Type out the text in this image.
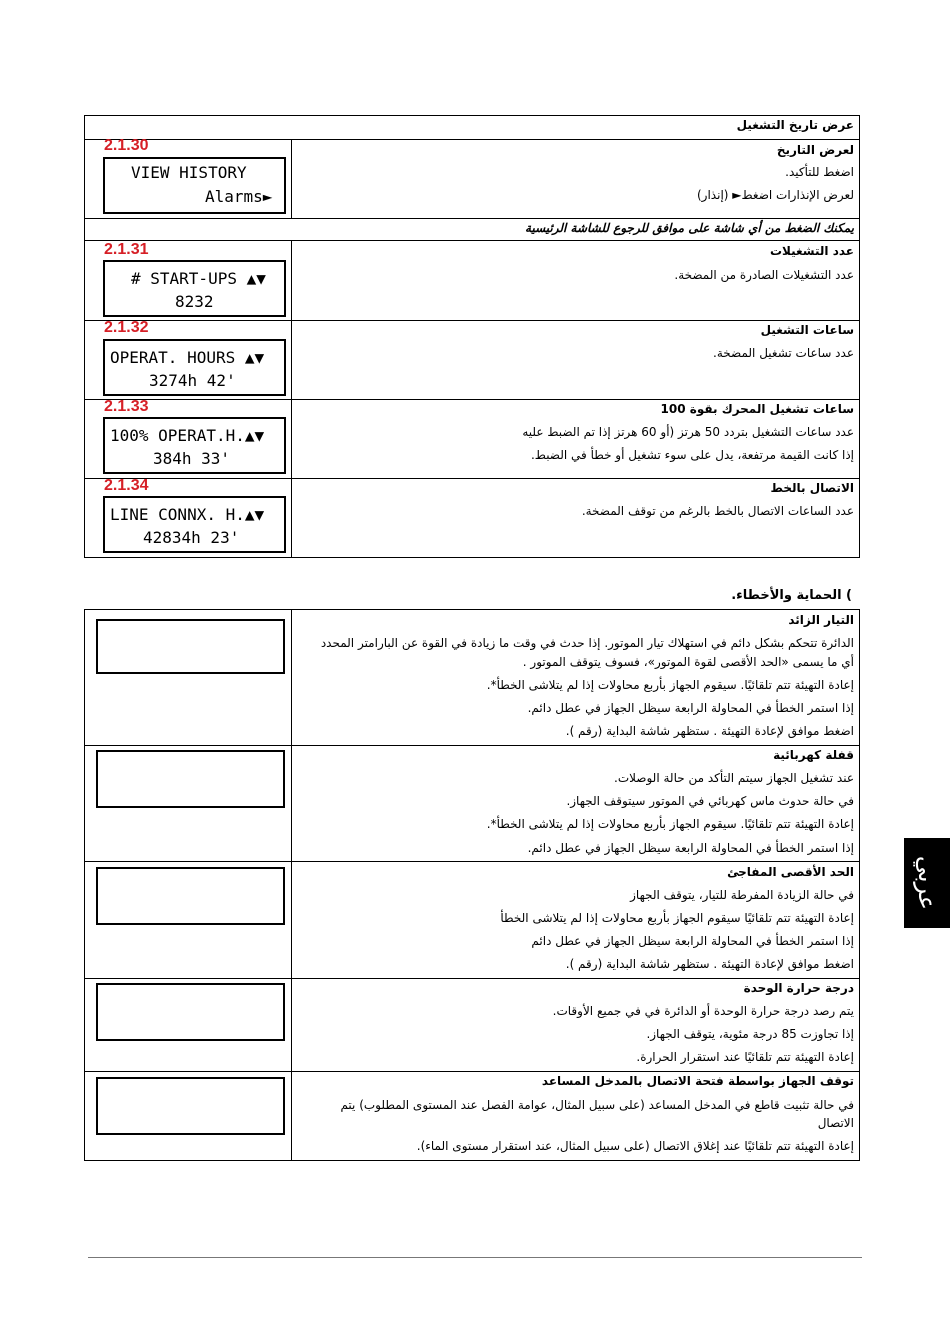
عرض تاريخ التشغيل
يمكنك الضغط من أي شاشة على موافق للرجوع للشاشة الرئيسية
2.1.30
VIEW HISTORY
Alarms►
لعرض التاريخ
اضغط للتأكيد.
لعرض الإنذارات اضغط► (إنذار)
2.1.31
# START-UPS ▲▼
8232
عدد التشغيلات
عدد التشغيلات الصادرة من المضخة.
2.1.32
OPERAT. HOURS ▲▼
3274h 42'
ساعات التشغيل
عدد ساعات تشغيل المضخة.
2.1.33
100% OPERAT.H.▲▼
384h 33'
ساعات تشغيل المحرك بقوة 100
عدد ساعات التشغيل بتردد 50 هرتز (أو 60 هرتز إذا تم الضبط عليه
إذا كانت القيمة مرتفعة، يدل على سوء تشغيل أو خطأ في الضبط.
2.1.34
LINE CONNX. H.▲▼
42834h 23'
الاتصال بالخط
عدد الساعات الاتصال بالخط بالرغم من توقف المضخة.
) الحماية والأخطاء.
التيار الزائد
الدائرة تتحكم بشكل دائم في استهلاك تيار الموتور. إذا حدث في وقت ما زيادة في القوة عن البارامتر المحدد
أي ما يسمى «الحد الأقصى لقوة الموتور»، فسوف يتوقف الموتور .
إعادة التهيئة تتم تلقائيًا. سيقوم الجهاز بأربع محاولات إذا لم يتلاشى الخطأ*.
إذا استمر الخطأ في المحاولة الرابعة سيظل الجهاز في عطل دائم.
اضغط موافق لإعادة التهيئة . ستظهر شاشة البداية (رقم ).
قفلة كهربائية
عند تشغيل الجهاز سيتم التأكد من حالة الوصلات.
في حالة حدوث ماس كهربائي في الموتور سيتوقف الجهاز.
إعادة التهيئة تتم تلقائيًا. سيقوم الجهاز بأربع محاولات إذا لم يتلاشى الخطأ*.
إذا استمر الخطأ في المحاولة الرابعة سيظل الجهاز في عطل دائم.
الحد الأقصى المفاجئ
في حالة الزيادة المفرطة للتيار، يتوقف الجهاز
إعادة التهيئة تتم تلقائيًا سيقوم الجهاز بأربع محاولات إذا لم يتلاشى الخطأ
إذا استمر الخطأ في المحاولة الرابعة سيظل الجهاز في عطل دائم
اضغط موافق لإعادة التهيئة . ستظهر شاشة البداية (رقم ).
درجة حرارة الوحدة
يتم رصد درجة حرارة الوحدة أو الدائرة في في جميع الأوقات.
إذا تجاوزت 85 درجة مئوية، يتوقف الجهاز.
إعادة التهيئة تتم تلقائيًا عند استقرار الحرارة.
توقف الجهاز بواسطة فتحة الاتصال بالمدخل المساعد
في حالة تثبيت قاطع في المدخل المساعد (على سبيل المثال، عوامة الفصل عند المستوى المطلوب) يتم
الاتصال
إعادة التهيئة تتم تلقائيًا عند إغلاق الاتصال (على سبيل المثال، عند استقرار مستوى الماء).
عربي
